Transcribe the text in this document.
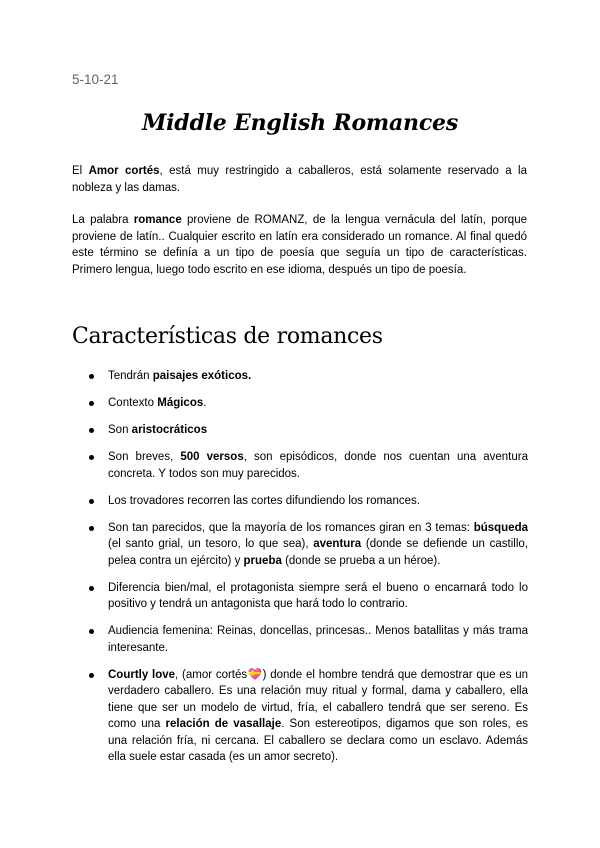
5-10-21

Middle English Romances

El Amor cortés, está muy restringido a caballeros, está solamente reservado a la nobleza y las damas.

La palabra romance proviene de ROMANZ, de la lengua vernácula del latín, porque proviene de latín.. Cualquier escrito en latín era considerado un romance. Al final quedó este término se definía a un tipo de poesía que seguía un tipo de características. Primero lengua, luego todo escrito en ese idioma, después un tipo de poesía.

Características de romances
Tendrán paisajes exóticos.
Contexto Mágicos.
Son aristocráticos
Son breves, 500 versos, son episódicos, donde nos cuentan una aventura concreta. Y todos son muy parecidos.
Los trovadores recorren las cortes difundiendo los romances.
Son tan parecidos, que la mayoría de los romances giran en 3 temas: búsqueda (el santo grial, un tesoro, lo que sea), aventura (donde se defiende un castillo, pelea contra un ejército) y prueba (donde se prueba a un héroe).
Diferencia bien/mal, el protagonista siempre será el bueno o encarnará todo lo positivo y tendrá un antagonista que hará todo lo contrario.
Audiencia femenina: Reinas, doncellas, princesas.. Menos batallitas y más trama interesante.
Courtly love, (amor cortés💝) donde el hombre tendrá que demostrar que es un verdadero caballero. Es una relación muy ritual y formal, dama y caballero, ella tiene que ser un modelo de virtud, fría, el caballero tendrá que ser sereno. Es como una relación de vasallaje. Son estereotipos, digamos que son roles, es una relación fría, ni cercana. El caballero se declara como un esclavo. Además ella suele estar casada (es un amor secreto).
